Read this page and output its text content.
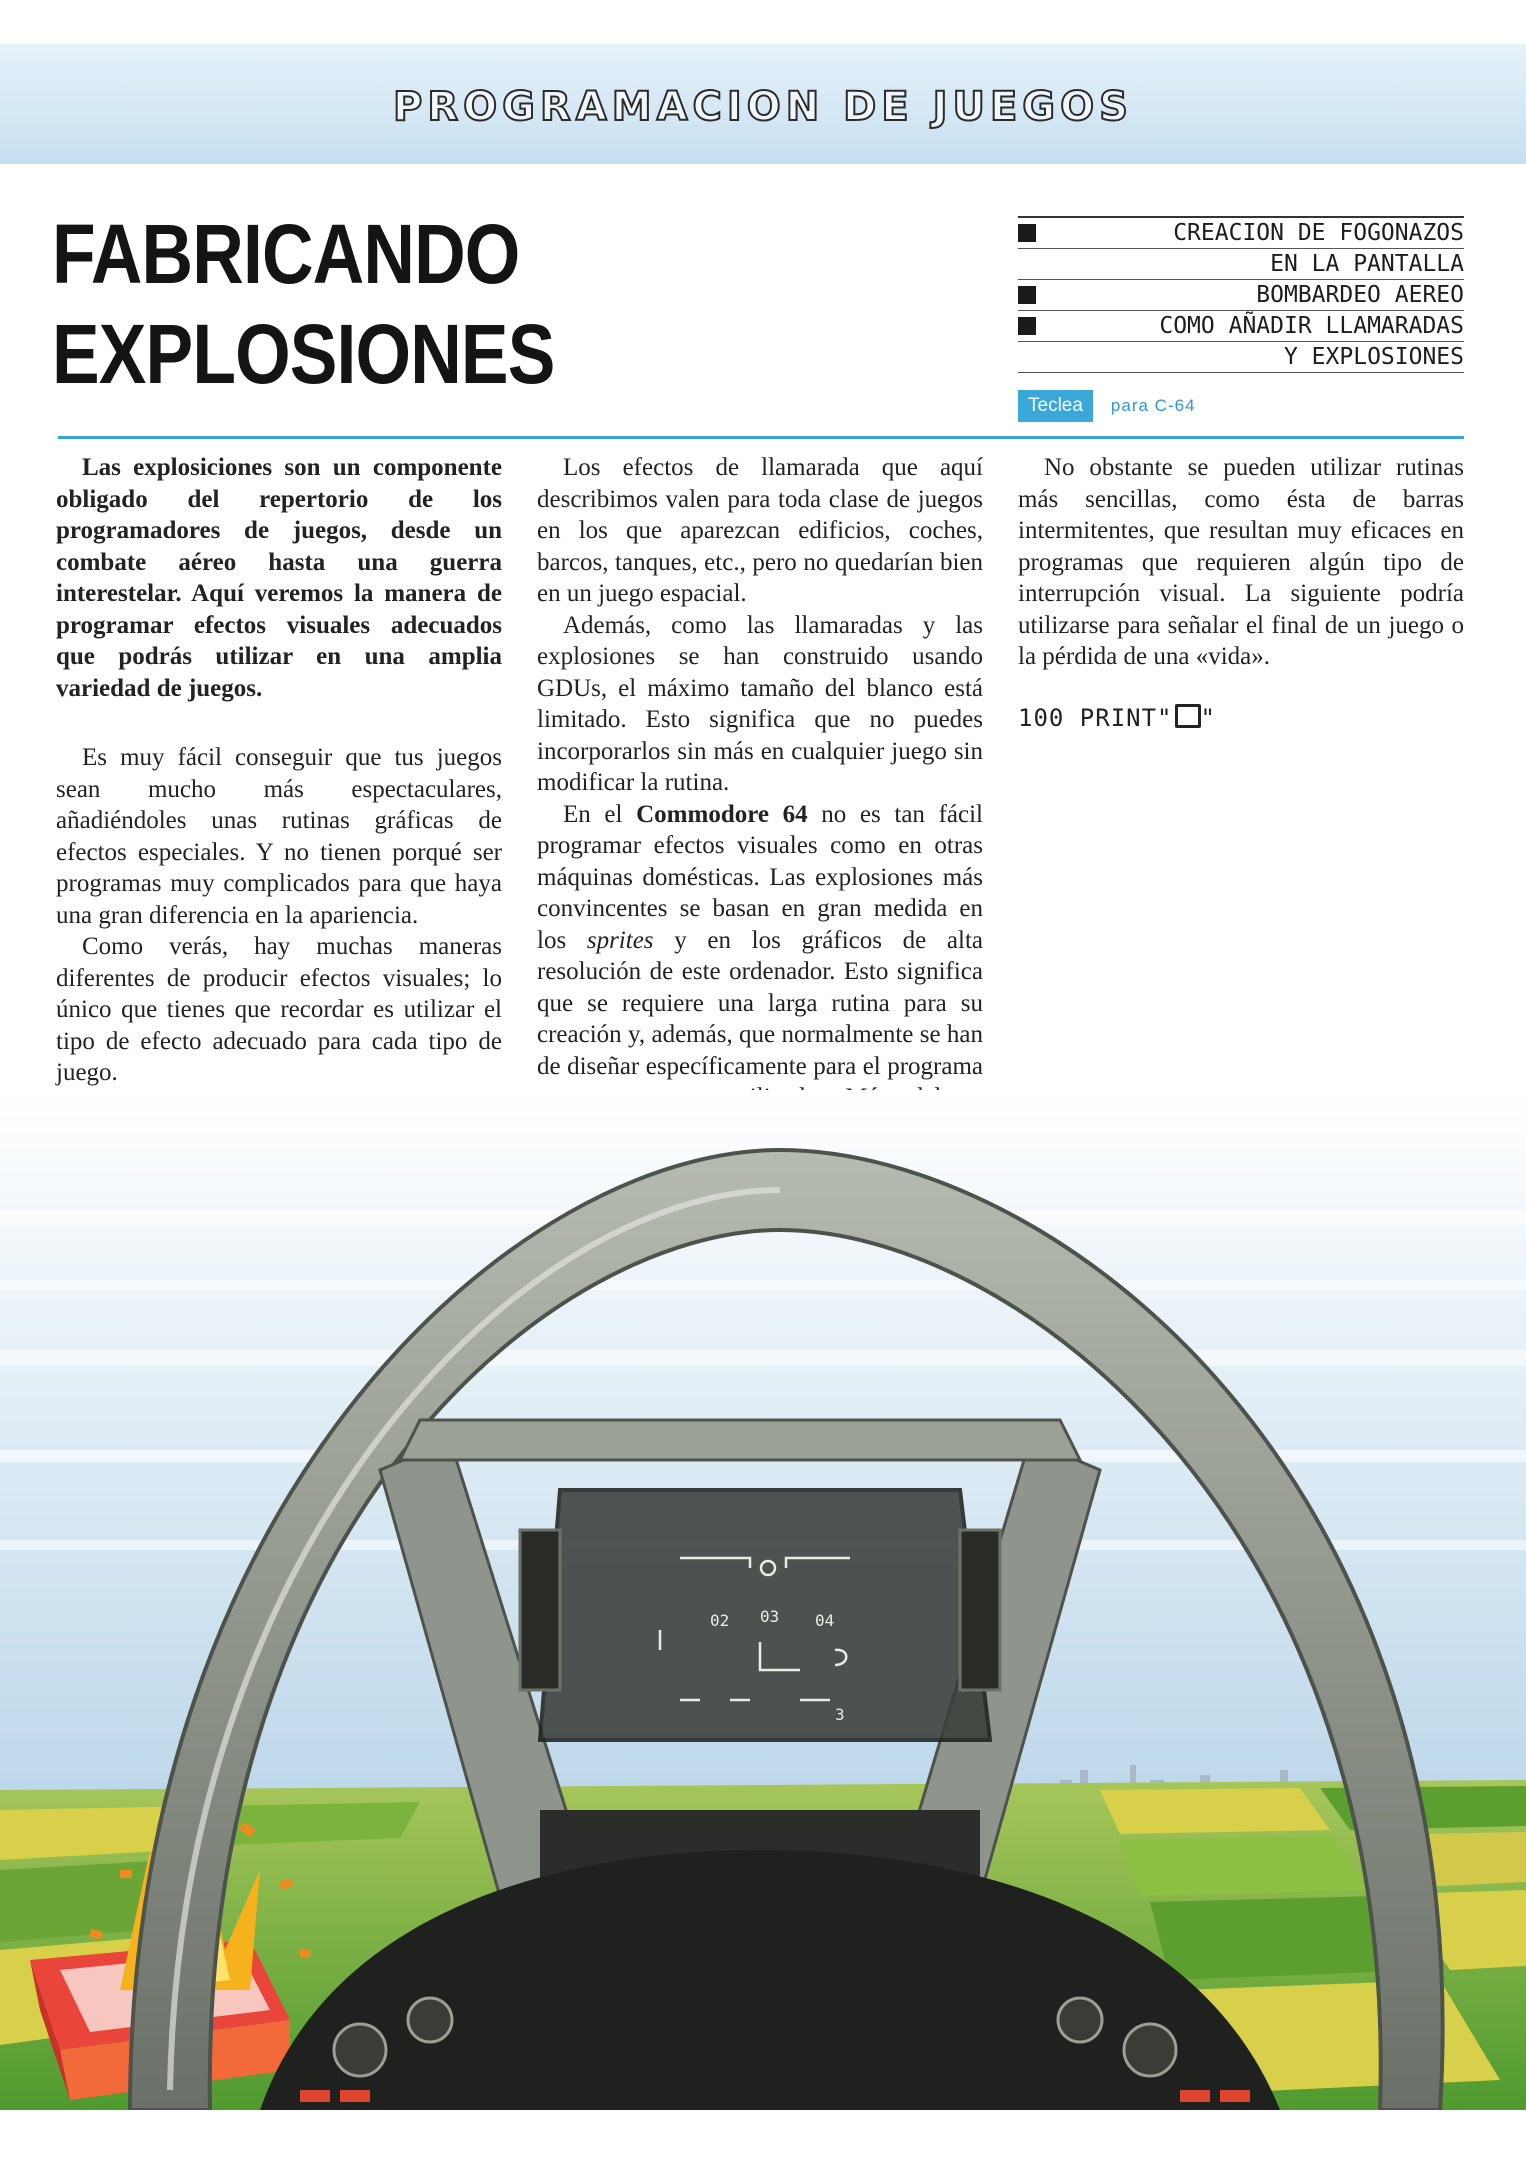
PROGRAMACION DE JUEGOS
FABRICANDO
EXPLOSIONES
CREACION DE FOGONAZOS
EN LA PANTALLA
BOMBARDEO AEREO
COMO AÑADIR LLAMARADAS
Y EXPLOSIONES
Teclea para C-64

Las explosiciones son un componente obligado del repertorio de los programadores de juegos, desde un combate aéreo hasta una guerra interestelar. Aquí veremos la manera de programar efectos visuales adecuados que podrás utilizar en una amplia variedad de juegos.

Es muy fácil conseguir que tus juegos sean mucho más espectaculares, añadiéndoles unas rutinas gráficas de efectos especiales. Y no tienen porqué ser programas muy complicados para que haya una gran diferencia en la apariencia.

Como verás, hay muchas maneras diferentes de producir efectos visuales; lo único que tienes que recordar es utilizar el tipo de efecto adecuado para cada tipo de juego.

Los efectos de llamarada que aquí describimos valen para toda clase de juegos en los que aparezcan edificios, coches, barcos, tanques, etc., pero no quedarían bien en un juego espacial.

Además, como las llamaradas y las explosiones se han construido usando GDUs, el máximo tamaño del blanco está limitado. Esto significa que no puedes incorporarlos sin más en cualquier juego sin modificar la rutina.

En el Commodore 64 no es tan fácil programar efectos visuales como en otras máquinas domésticas. Las explosiones más convincentes se basan en gran medida en los sprites y en los gráficos de alta resolución de este ordenador. Esto significa que se requiere una larga rutina para su creación y, además, que normalmente se han de diseñar específicamente para el programa

No obstante se pueden utilizar rutinas más sencillas, como ésta de barras intermitentes, que resultan muy eficaces en programas que requieren algún tipo de interrupción visual. La siguiente podría utilizarse para señalar el final de un juego o la pérdida de una «vida».

100 PRINT" "

02 03 04
3
